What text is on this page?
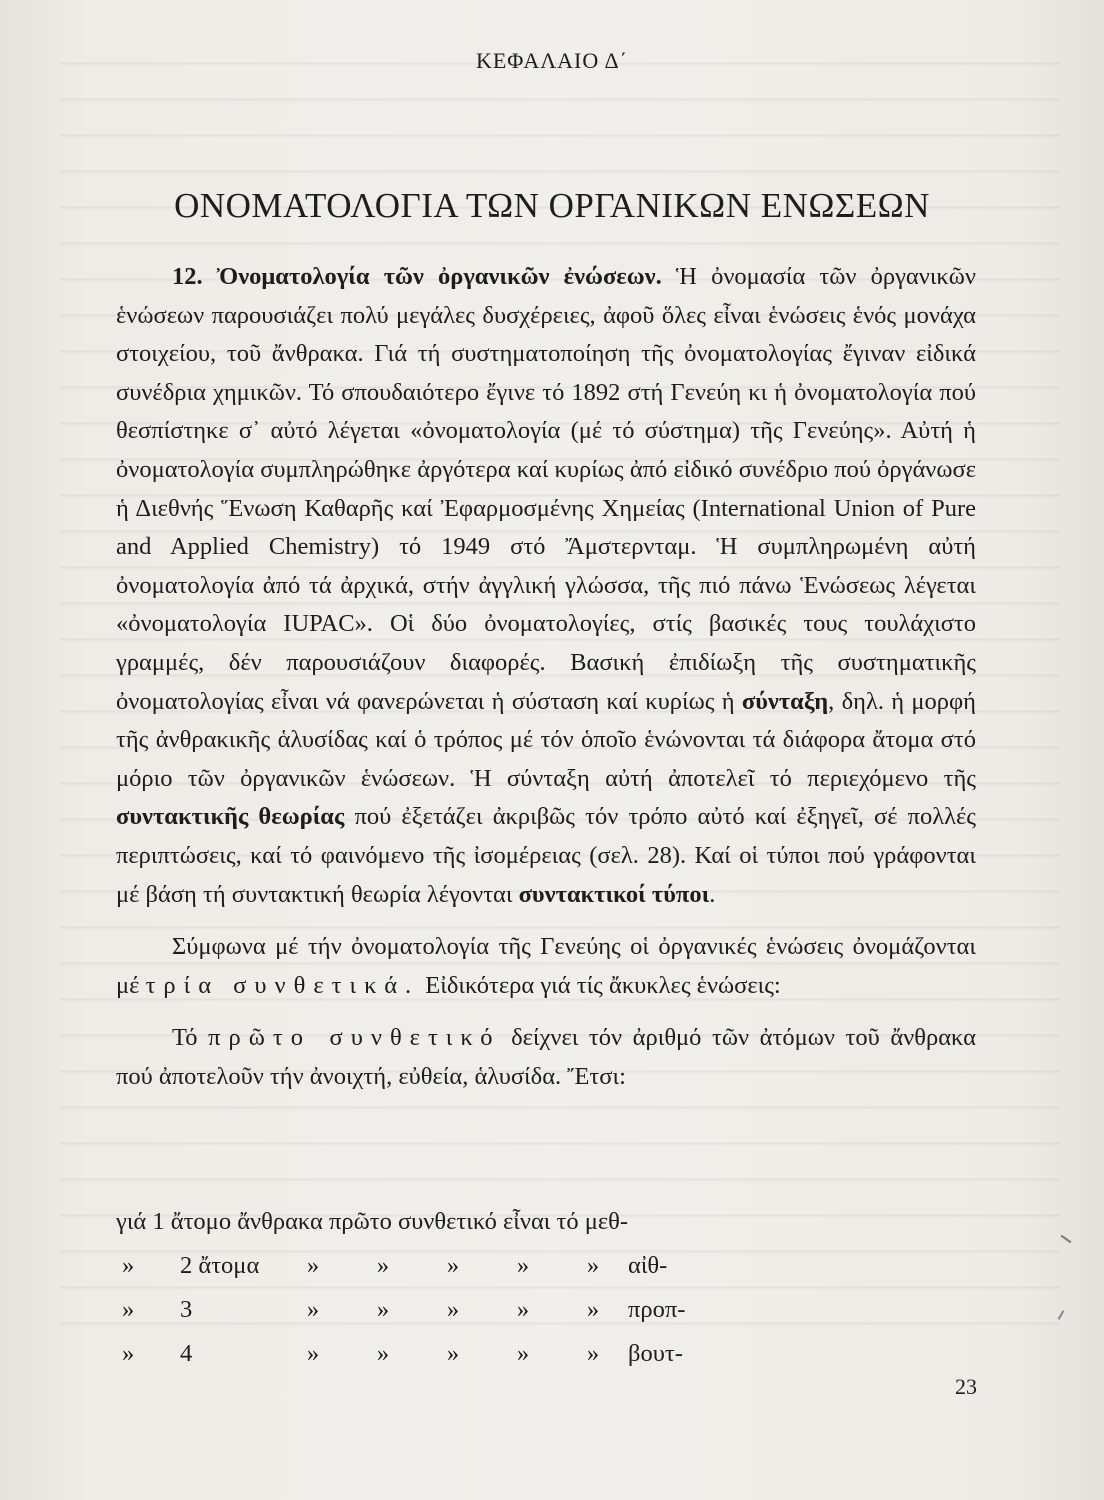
ΚΕΦΑΛΑΙΟ Δ΄
ΟΝΟΜΑΤΟΛΟΓΙΑ ΤΩΝ ΟΡΓΑΝΙΚΩΝ ΕΝΩΣΕΩΝ

12. Ὀνοματολογία τῶν ὀργανικῶν ἐνώσεων. Ἡ ὀνομασία τῶν ὀργανικῶν ἑνώσεων παρουσιάζει πολύ μεγάλες δυσχέρειες, ἀφοῦ ὅλες εἶναι ἑνώσεις ἑνός μονάχα στοιχείου, τοῦ ἄνθρακα. Γιά τή συστηματοποίηση τῆς ὀνοματολογίας ἔγιναν εἰδικά συνέδρια χημικῶν. Τό σπουδαιότερο ἔγινε τό 1892 στή Γενεύη κι ἡ ὀνοματολογία πού θεσπίστηκε σ᾽ αὐτό λέγεται «ὀνοματολογία (μέ τό σύστημα) τῆς Γενεύης». Αὐτή ἡ ὀνοματολογία συμπληρώθηκε ἀργότερα καί κυρίως ἀπό εἰδικό συνέδριο πού ὀργάνωσε ἡ Διεθνής Ἕνωση Καθαρῆς καί Ἐφαρμοσμένης Χημείας (International Union of Pure and Applied Chemistry) τό 1949 στό Ἄμστερνταμ. Ἡ συμπληρωμένη αὐτή ὀνοματολογία ἀπό τά ἀρχικά, στήν ἀγγλική γλώσσα, τῆς πιό πάνω Ἑνώσεως λέγεται «ὀνοματολογία IUPAC». Οἱ δύο ὀνοματολογίες, στίς βασικές τους τουλάχιστο γραμμές, δέν παρουσιάζουν διαφορές. Βασική ἐπιδίωξη τῆς συστηματικῆς ὀνοματολογίας εἶναι νά φανερώνεται ἡ σύσταση καί κυρίως ἡ σύνταξη, δηλ. ἡ μορφή τῆς ἀνθρακικῆς ἁλυσίδας καί ὁ τρόπος μέ τόν ὁποῖο ἑνώνονται τά διάφορα ἄτομα στό μόριο τῶν ὀργανικῶν ἑνώσεων. Ἡ σύνταξη αὐτή ἀποτελεῖ τό περιεχόμενο τῆς συντακτικῆς θεωρίας πού ἐξετάζει ἀκριβῶς τόν τρόπο αὐτό καί ἐξηγεῖ, σέ πολλές περιπτώσεις, καί τό φαινόμενο τῆς ἰσομέρειας (σελ. 28). Καί οἱ τύποι πού γράφονται μέ βάση τή συντακτική θεωρία λέγονται συντακτικοί τύποι.

Σύμφωνα μέ τήν ὀνοματολογία τῆς Γενεύης οἱ ὀργανικές ἑνώσεις ὀνομάζονται μέ τρία συνθετικά. Εἰδικότερα γιά τίς ἄκυκλες ἑνώσεις:

Τό πρῶτο συνθετικό δείχνει τόν ἀριθμό τῶν ἀτόμων τοῦ ἄνθρακα πού ἀποτελοῦν τήν ἀνοιχτή, εὐθεία, ἁλυσίδα. Ἔτσι:

γιά 1 ἄτομο ἄνθρακα πρῶτο συνθετικό εἶναι τό μεθ-
»	2 ἄτομα	»	»	»	»	»	αἰθ-
»	3	»	»	»	»	»	προπ-
»	4	»	»	»	»	»	βουτ-
23
